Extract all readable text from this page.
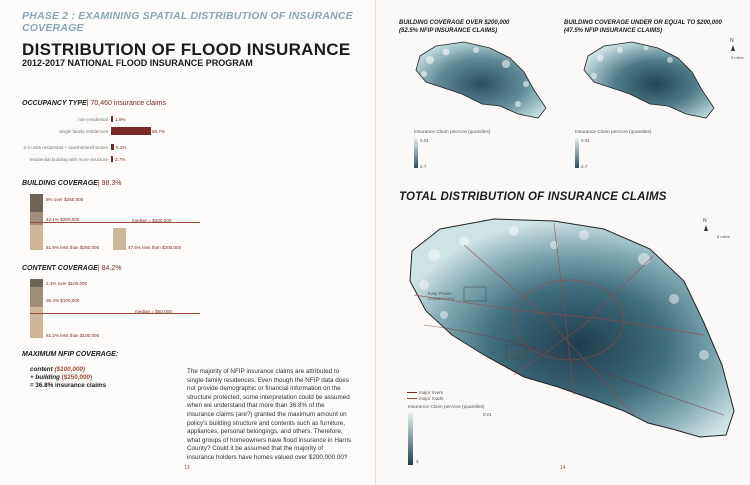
PHASE 2 : EXAMINING SPATIAL DISTRIBUTION OF INSURANCE COVERAGE
DISTRIBUTION OF FLOOD INSURANCE
2012-2017 NATIONAL FLOOD INSURANCE PROGRAM
OCCUPANCY TYPE| 70,460 insurance claims
non residential 1.9%
single family residences	89.7%
2-4 units residential + townhomes/houses 5.2%
residential building with more structure 3.7%
BUILDING COVERAGE| 98.3%
8% over $250,000
42.1% $250,000
51.9% less than $250,000
median = $200,000
47.5% less than $200,000
CONTENT COVERAGE| 84.2%
2.4% over $100,000
36.4% $100,000
61.2% less than $100,000
median = $60,000
MAXIMUM NFIP COVERAGE:
content ($100,000)
+ building ($250,000)
= 36.8% insurance claims
The majority of NFIP insurance claims are attributed to single-family residences. Even though the NFIP data does not provide demographic or financial information on the structure protected, some interpretation could be assumed when we understand that more than 36.8% of the insurance claims (are?) granted the maximum amount on policy's building structure and contents such as furniture, appliances, personal belongings, and others. Therefore, what groups of homeowners have flood insurance in Harris County? Could it be assumed that the majority of insurance holders have homes valued over $200,000.00?
13
BUILDING COVERAGE OVER $200,000
(52.5% NFIP INSURANCE CLAIMS)
BUILDING COVERAGE UNDER OR EQUAL TO $200,000
(47.5% NFIP INSURANCE CLAIMS)
Insurance Claim perAcre (quantiles)
0.01
2.7
N
5 miles
Insurance Claim perAcre (quantiles)
0.01
2.7
TOTAL DISTRIBUTION OF INSURANCE CLAIMS
Katy Prairie Conservancy
Bear Creek Park
N
5 miles
major rivers
major roads
Insurance Claim perAcre (quantiles)
0.01
3
14
